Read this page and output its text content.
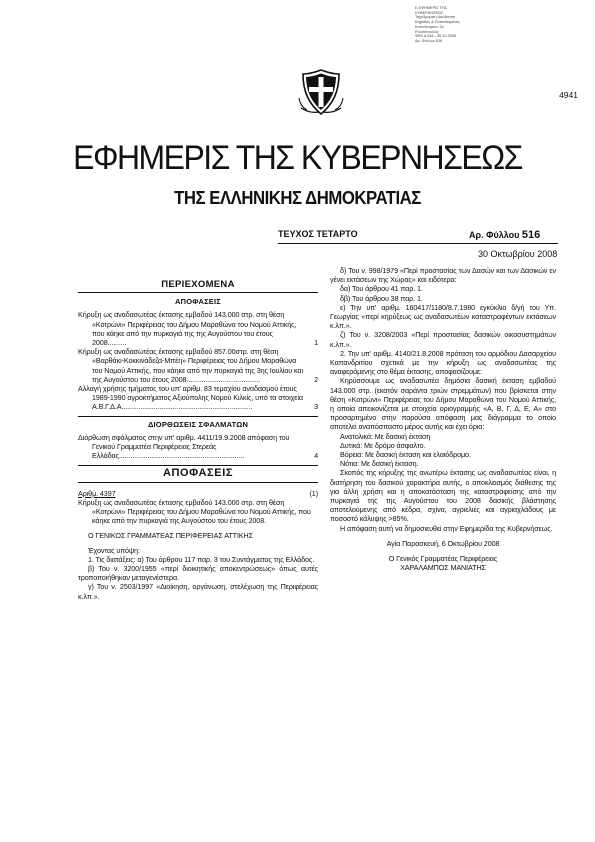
Ε.ΕΦΗΜΕΡΙΣ ΤΗΣ
ΚΥΒΕΡΝΗΣΕΩΣ
Ταχυδρομική Διεύθυνση
Κηφισίας & Παπαδιαμάντη
Καποδιστρίου 34
Ρουσόπουλος
ΦΕΚ Δ 516 - 30.10.2008
Αρ. Φύλλου 516
4941
ΕΦΗΜΕΡΙΣ ΤΗΣ ΚΥΒΕΡΝΗΣΕΩΣ
ΤΗΣ ΕΛΛΗΝΙΚΗΣ ΔΗΜΟΚΡΑΤΙΑΣ
ΤΕΥΧΟΣ ΤΕΤΑΡΤΟ	Αρ. Φύλλου 516
30 Οκτωβρίου 2008
ΠΕΡΙΕΧΟΜΕΝΑ
ΑΠΟΦΑΣΕΙΣ
Κήρυξη ως αναδασωτέας έκτασης εμβαδού 143.000 στρ. στη θέση «Κοτρώνι» Περιφέρειας του Δήμου Μαραθώνα του Νομού Αττικής, που κάηκε από την πυρκαγιά της της Αυγούστου του έτους 2008..........	1
Κήρυξη ως αναδασωτέας έκτασης εμβαδού 857.00στρ. στη θέση «Βαρθάκι-Κοκκινάδεζα-Μπέη» Περιφέρειας του Δήμου Μαραθώνα του Νομού Αττικής, που κάηκε από την πυρκαγιά της 3ης Ιουλίου και της Αυγούστου του έτους 2008.......................................	2
Αλλαγή χρήσης τμήματος του υπ' αριθμ. 83 τεμαχίου αναδασμού έτους 1989-1990 αγροκτήματος Αξιούπολης Νομού Κιλκίς, υπό τα στοιχεία Α.Β.Γ.Δ.Α.....................................................................	3
ΔΙΟΡΘΩΣΕΙΣ ΣΦΑΛΜΑΤΩΝ
Διόρθωση σφάλματος στην υπ' αριθμ. 4411/19.9.2008 απόφαση του Γενικού Γραμματέα Περιφέρειας Στερεάς Ελλάδας..................................................................	4
ΑΠΟΦΑΣΕΙΣ
Αριθμ. 4397	(1)
Κήρυξη ως αναδασωτέας έκτασης εμβαδού 143.000 στρ. στη θέση «Κοτρώνι» Περιφέρειας του Δήμου Μαραθώνα του Νομού Αττικής, που κάηκε από την πυρκαγιά της Αυγούστου του έτους 2008.
Ο ΓΕΝΙΚΟΣ ΓΡΑΜΜΑΤΕΑΣ ΠΕΡΙΦΕΡΕΙΑΣ ΑΤΤΙΚΗΣ
Έχοντας υπόψη:
1. Τις διατάξεις: α) Του άρθρου 117 παρ. 3 του Συντάγματος της Ελλάδος.
β) Του ν. 3200/1955 «περί διοικητικής αποκεντρώσεως» όπως αυτές τροποποιήθηκαν μεταγενέστερα.
γ) Του ν. 2503/1997 «Διοίκηση, οργάνωση, στελέχωση της Περιφέρειας κ.λπ.».
δ) Του ν. 998/1979 «Περί προστασίας των Δασών και των Δασικών εν γένει εκτάσεων της Χώρας» και ειδότερα:
δα) Του άρθρου 41 παρ. 1.
δβ) Του άρθρου 38 παρ. 1.
ε) Την υπ' αριθμ. 160417/1180/8.7.1980 εγκύκλιο δ/γή του Υπ. Γεωργίας «περί κηρύξεως ως αναδασωτέων καταστραφέντων εκτάσεων κ.λπ.».
ζ) Του ν. 3208/2003 «Περί προστασίας δασικών οικοσυστημάτων κ.λπ.».
2. Την υπ' αριθμ. 4140/21.8.2008 πρόταση του αρμόδιου Δασαρχείου Καπανδριτίου σχετικά με την κήρυξη ως αναδασωτέας της αναφερόμενης στο θέμα έκτασης, αποφασίζουμε:
Κηρύσσουμε ως αναδασωτέα δημόσια δασική έκταση εμβαδού 143.000 στρ. (εκατόν σαράντα τριών στρεμμάτων) που βρίσκεται στην θέση «Κοτρώνι» Περιφέρειας του Δήμου Μαραθώνα του Νομού Αττικής, η οποία απεικονίζεται με στοιχεία οριογραμμής «Α, Β, Γ, Δ, Ε, Α» στο προσαρτημένο στην παρούσα απόφαση μας διάγραμμα το οποίο αποτελεί αναπόσπαστο μέρος αυτής και έχει όρια:
Ανατολικά: Με δασική έκταση
Δυτικά: Με δρόμο άσφαλτο.
Βόρεια: Με δασική έκταση και ελαιόδρομο.
Νότια: Με δασική έκταση.
Σκοπός της κήρυξης της ανωτέρω έκτασης ως αναδασωτέας είναι, η διατήρηση του δασικού χαρακτήρα αυτής, ο αποκλεισμός διάθεσης της για άλλη χρήση και η αποκατάσταση της καταστραφείσης από την πυρκαγιά της της Αυγούστου του 2008 δασικής βλάστησης αποτελούμενης από κέδρα, σχίνα, αγριελιές και αγριαχλάδους με ποσοστό κάλυψης >85%.
Η απόφαση αυτή να δημοσιευθεί στην Εφημερίδα της Κυβερνήσεως.
Αγία Παρασκευή, 6 Οκτωβρίου 2008
Ο Γενικός Γραμματέας Περιφέρειας
ΧΑΡΑΛΑΜΠΟΣ ΜΑΝΙΑΤΗΣ
